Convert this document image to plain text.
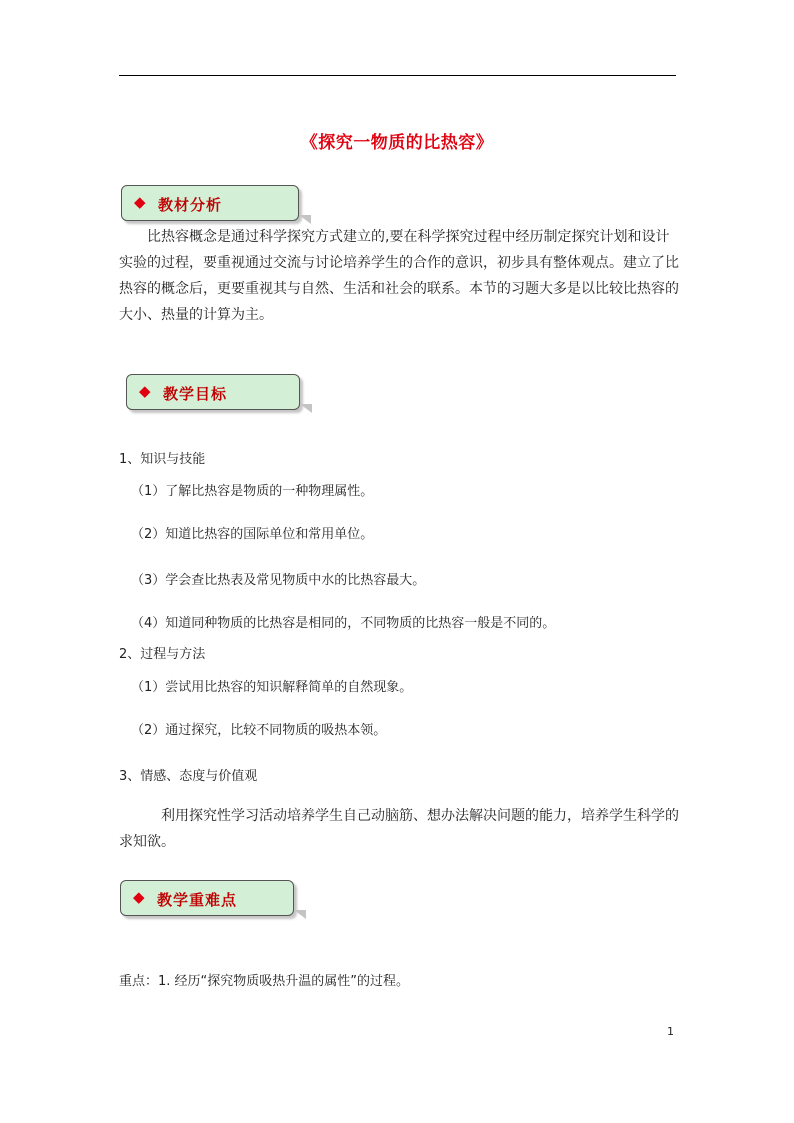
《探究一物质的比热容》
◆ 教材分析
比热容概念是通过科学探究方式建立的,要在科学探究过程中经历制定探究计划和设计实验的过程，要重视通过交流与讨论培养学生的合作的意识，初步具有整体观点。建立了比热容的概念后，更要重视其与自然、生活和社会的联系。本节的习题大多是以比较比热容的大小、热量的计算为主。
◆ 教学目标
1、知识与技能
（1）了解比热容是物质的一种物理属性。
（2）知道比热容的国际单位和常用单位。
（3）学会查比热表及常见物质中水的比热容最大。
（4）知道同种物质的比热容是相同的，不同物质的比热容一般是不同的。
2、过程与方法
（1）尝试用比热容的知识解释简单的自然现象。
（2）通过探究，比较不同物质的吸热本领。
3、情感、态度与价值观
利用探究性学习活动培养学生自己动脑筋、想办法解决问题的能力，培养学生科学的求知欲。
◆ 教学重难点
重点：1. 经历“探究物质吸热升温的属性”的过程。
1
